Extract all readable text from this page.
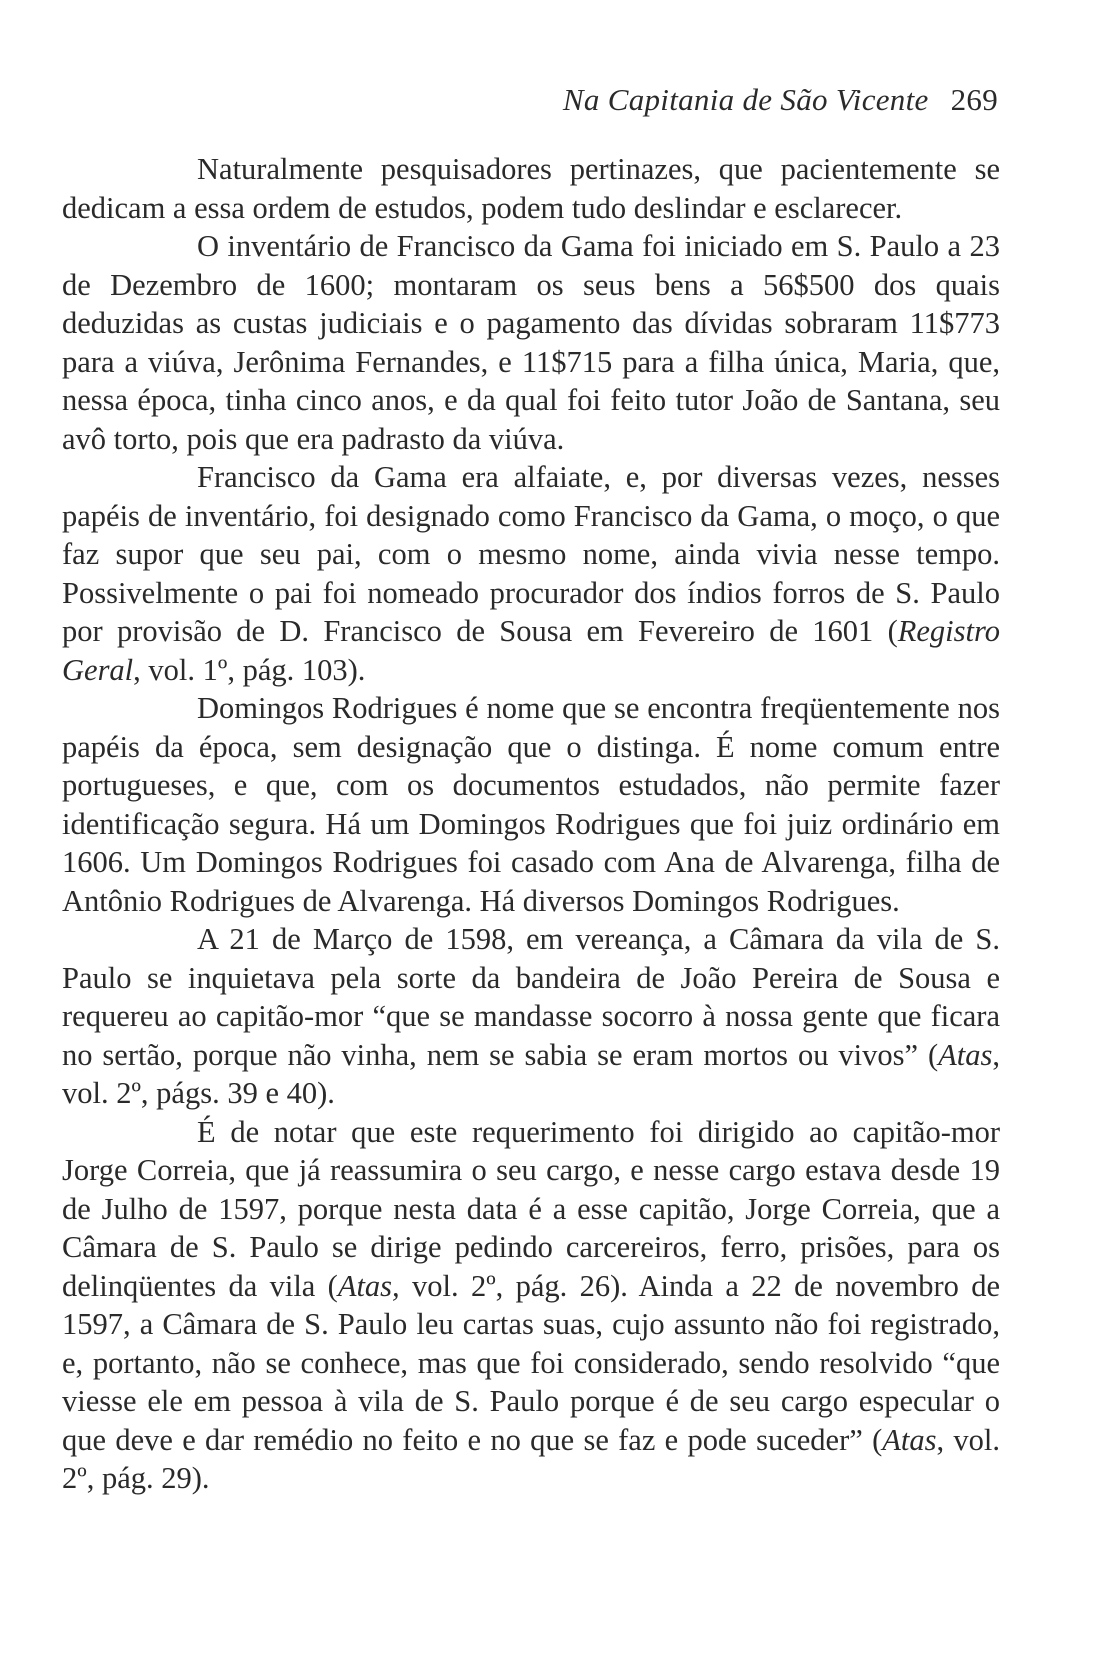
Na Capitania de São Vicente 269

Naturalmente pesquisadores pertinazes, que pacientemente se dedicam a essa ordem de estudos, podem tudo deslindar e esclarecer.

O inventário de Francisco da Gama foi iniciado em S. Paulo a 23 de Dezembro de 1600; montaram os seus bens a 56$500 dos quais deduzidas as custas judiciais e o pagamento das dívidas sobraram 11$773 para a viúva, Jerônima Fernandes, e 11$715 para a filha única, Maria, que, nessa época, tinha cinco anos, e da qual foi feito tutor João de Santana, seu avô torto, pois que era padrasto da viúva.

Francisco da Gama era alfaiate, e, por diversas vezes, nesses papéis de inventário, foi designado como Francisco da Gama, o moço, o que faz supor que seu pai, com o mesmo nome, ainda vivia nesse tempo. Possivelmente o pai foi nomeado procurador dos índios forros de S. Paulo por provisão de D. Francisco de Sousa em Fevereiro de 1601 (Registro Geral, vol. 1º, pág. 103).

Domingos Rodrigues é nome que se encontra freqüentemente nos papéis da época, sem designação que o distinga. É nome comum entre portugueses, e que, com os documentos estudados, não permite fazer identificação segura. Há um Domingos Rodrigues que foi juiz ordinário em 1606. Um Domingos Rodrigues foi casado com Ana de Alvarenga, filha de Antônio Rodrigues de Alvarenga. Há diversos Domingos Rodrigues.

A 21 de Março de 1598, em vereança, a Câmara da vila de S. Paulo se inquietava pela sorte da bandeira de João Pereira de Sousa e requereu ao capitão-mor “que se mandasse socorro à nossa gente que ficara no sertão, porque não vinha, nem se sabia se eram mortos ou vivos” (Atas, vol. 2º, págs. 39 e 40).

É de notar que este requerimento foi dirigido ao capitão-mor Jorge Correia, que já reassumira o seu cargo, e nesse cargo estava desde 19 de Julho de 1597, porque nesta data é a esse capitão, Jorge Correia, que a Câmara de S. Paulo se dirige pedindo carcereiros, ferro, prisões, para os delinqüentes da vila (Atas, vol. 2º, pág. 26). Ainda a 22 de novembro de 1597, a Câmara de S. Paulo leu cartas suas, cujo assunto não foi registrado, e, portanto, não se conhece, mas que foi considerado, sendo resolvido “que viesse ele em pessoa à vila de S. Paulo porque é de seu cargo especular o que deve e dar remédio no feito e no que se faz e pode suceder” (Atas, vol. 2º, pág. 29).
